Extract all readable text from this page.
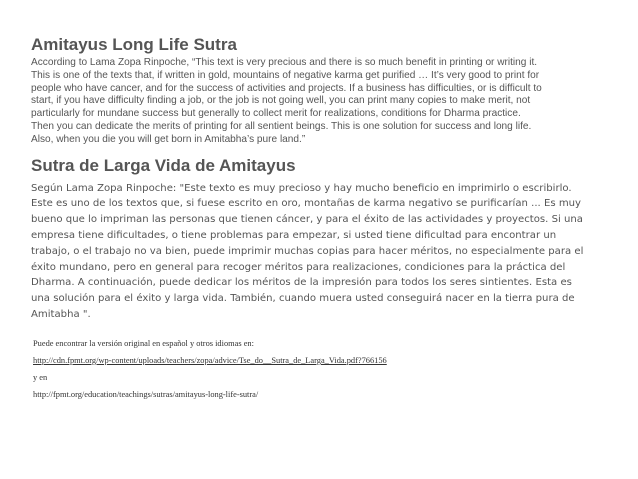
Amitayus Long Life Sutra
According to Lama Zopa Rinpoche, “This text is very precious and there is so much benefit in printing or writing it.
This is one of the texts that, if written in gold, mountains of negative karma get purified … It’s very good to print for
people who have cancer, and for the success of activities and projects. If a business has difficulties, or is difficult to
start, if you have difficulty finding a job, or the job is not going well, you can print many copies to make merit, not
particularly for mundane success but generally to collect merit for realizations, conditions for Dharma practice.
Then you can dedicate the merits of printing for all sentient beings. This is one solution for success and long life.
Also, when you die you will get born in Amitabha’s pure land.”
Sutra de Larga Vida de Amitayus
Según Lama Zopa Rinpoche: "Este texto es muy precioso y hay mucho beneficio en imprimirlo o escribirlo.
Este es uno de los textos que, si fuese escrito en oro, montañas de karma negativo se purificarían ... Es muy
bueno que lo impriman las personas que tienen cáncer, y para el éxito de las actividades y proyectos. Si una
empresa tiene dificultades, o tiene problemas para empezar, si usted tiene dificultad para encontrar un
trabajo, o el trabajo no va bien, puede imprimir muchas copias para hacer méritos, no especialmente para el
éxito mundano, pero en general para recoger méritos para realizaciones, condiciones para la práctica del
Dharma. A continuación, puede dedicar los méritos de la impresión para todos los seres sintientes. Esta es
una solución para el éxito y larga vida. También, cuando muera usted conseguirá nacer en la tierra pura de
Amitabha ".

Puede encontrar la versión original en español y otros idiomas en:

http://cdn.fpmt.org/wp-content/uploads/teachers/zopa/advice/Tse_do__Sutra_de_Larga_Vida.pdf?766156

y en

http://fpmt.org/education/teachings/sutras/amitayus-long-life-sutra/
